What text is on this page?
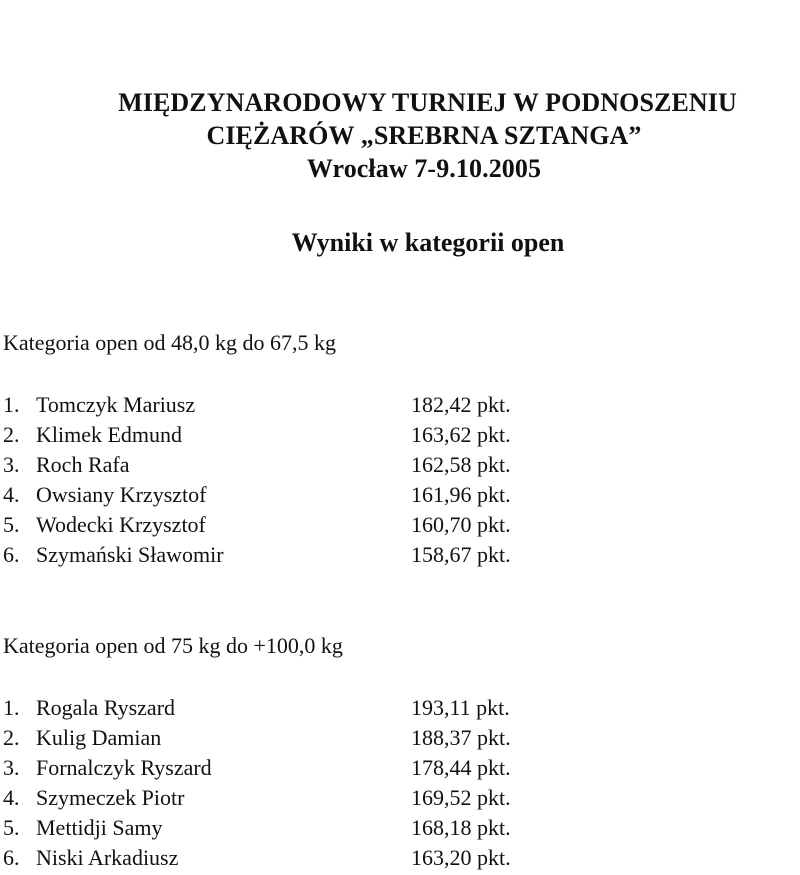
MIĘDZYNARODOWY TURNIEJ W PODNOSZENIU
CIĘŻARÓW „SREBRNA SZTANGA”
Wrocław 7-9.10.2005
Wyniki w kategorii open
Kategoria open od 48,0 kg do 67,5 kg
1. Tomczyk Mariusz	182,42 pkt.
2. Klimek Edmund	163,62 pkt.
3. Roch Rafa	162,58 pkt.
4. Owsiany Krzysztof	161,96 pkt.
5. Wodecki Krzysztof	160,70 pkt.
6. Szymański Sławomir	158,67 pkt.
Kategoria open od 75 kg do +100,0 kg
1. Rogala Ryszard	193,11 pkt.
2. Kulig Damian	188,37 pkt.
3. Fornalczyk Ryszard	178,44 pkt.
4. Szymeczek Piotr	169,52 pkt.
5. Mettidji Samy	168,18 pkt.
6. Niski Arkadiusz	163,20 pkt.
